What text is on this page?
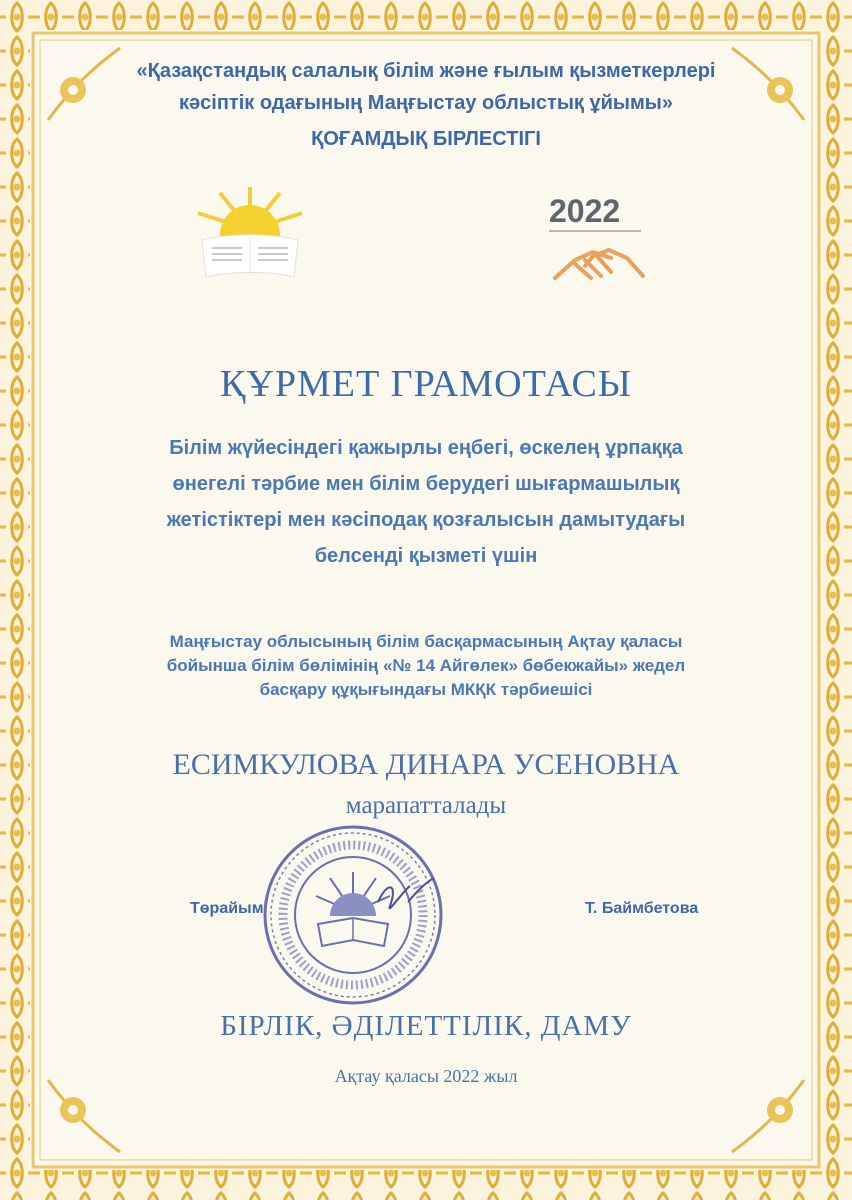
«Қазақстандық салалық білім және ғылым қызметкерлері
кәсіптік одағының Маңғыстау облыстық ұйымы»
ҚОҒАМДЫҚ БІРЛЕСТІГІ
2022
ҚҰРМЕТ ГРАМОТАСЫ
Білім жүйесіндегі қажырлы еңбегі, өскелең ұрпаққа
өнегелі тәрбие мен білім берудегі шығармашылық
жетістіктері мен кәсіподақ қозғалысын дамытудағы
белсенді қызметі үшін
Маңғыстау облысының білім басқармасының Ақтау қаласы
бойынша білім бөлімінің «№ 14 Айгөлек» бөбекжайы» жедел
басқару құқығындағы МКҚК тәрбиешісі
ЕСИМКУЛОВА ДИНАРА УСЕНОВНА
марапатталады
Төрайым	Т. Баймбетова
БІРЛІК, ӘДІЛЕТТІЛІК, ДАМУ
Ақтау қаласы 2022 жыл
